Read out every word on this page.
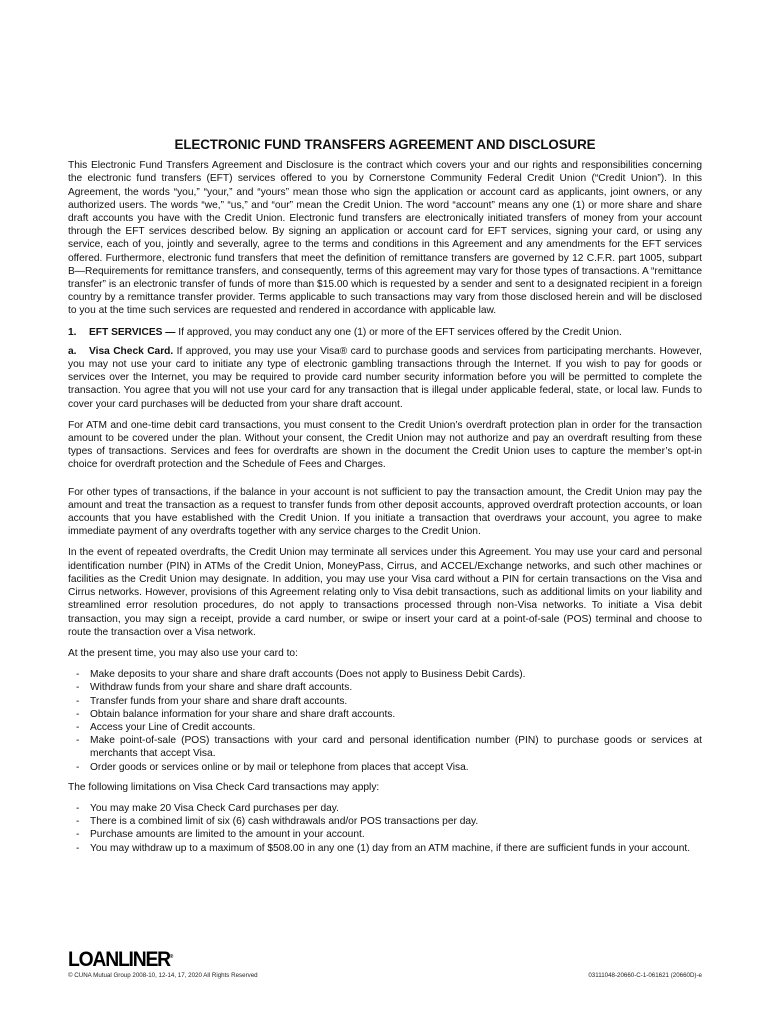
ELECTRONIC FUND TRANSFERS AGREEMENT AND DISCLOSURE

This Electronic Fund Transfers Agreement and Disclosure is the contract which covers your and our rights and responsibilities concerning the electronic fund transfers (EFT) services offered to you by Cornerstone Community Federal Credit Union (“Credit Union”). In this Agreement, the words “you,” “your,” and “yours” mean those who sign the application or account card as applicants, joint owners, or any authorized users. The words “we,” “us,” and “our” mean the Credit Union. The word “account” means any one (1) or more share and share draft accounts you have with the Credit Union. Electronic fund transfers are electronically initiated transfers of money from your account through the EFT services described below. By signing an application or account card for EFT services, signing your card, or using any service, each of you, jointly and severally, agree to the terms and conditions in this Agreement and any amendments for the EFT services offered. Furthermore, electronic fund transfers that meet the definition of remittance transfers are governed by 12 C.F.R. part 1005, subpart B—Requirements for remittance transfers, and consequently, terms of this agreement may vary for those types of transactions. A “remittance transfer” is an electronic transfer of funds of more than $15.00 which is requested by a sender and sent to a designated recipient in a foreign country by a remittance transfer provider. Terms applicable to such transactions may vary from those disclosed herein and will be disclosed to you at the time such services are requested and rendered in accordance with applicable law.

1. EFT SERVICES — If approved, you may conduct any one (1) or more of the EFT services offered by the Credit Union.

a. Visa Check Card. If approved, you may use your Visa® card to purchase goods and services from participating merchants. However, you may not use your card to initiate any type of electronic gambling transactions through the Internet. If you wish to pay for goods or services over the Internet, you may be required to provide card number security information before you will be permitted to complete the transaction. You agree that you will not use your card for any transaction that is illegal under applicable federal, state, or local law. Funds to cover your card purchases will be deducted from your share draft account.

For ATM and one-time debit card transactions, you must consent to the Credit Union’s overdraft protection plan in order for the transaction amount to be covered under the plan. Without your consent, the Credit Union may not authorize and pay an overdraft resulting from these types of transactions. Services and fees for overdrafts are shown in the document the Credit Union uses to capture the member’s opt-in choice for overdraft protection and the Schedule of Fees and Charges.

For other types of transactions, if the balance in your account is not sufficient to pay the transaction amount, the Credit Union may pay the amount and treat the transaction as a request to transfer funds from other deposit accounts, approved overdraft protection accounts, or loan accounts that you have established with the Credit Union. If you initiate a transaction that overdraws your account, you agree to make immediate payment of any overdrafts together with any service charges to the Credit Union.

In the event of repeated overdrafts, the Credit Union may terminate all services under this Agreement. You may use your card and personal identification number (PIN) in ATMs of the Credit Union, MoneyPass, Cirrus, and ACCEL/Exchange networks, and such other machines or facilities as the Credit Union may designate. In addition, you may use your Visa card without a PIN for certain transactions on the Visa and Cirrus networks. However, provisions of this Agreement relating only to Visa debit transactions, such as additional limits on your liability and streamlined error resolution procedures, do not apply to transactions processed through non-Visa networks. To initiate a Visa debit transaction, you may sign a receipt, provide a card number, or swipe or insert your card at a point-of-sale (POS) terminal and choose to route the transaction over a Visa network.

At the present time, you may also use your card to:

- Make deposits to your share and share draft accounts (Does not apply to Business Debit Cards).
- Withdraw funds from your share and share draft accounts.
- Transfer funds from your share and share draft accounts.
- Obtain balance information for your share and share draft accounts.
- Access your Line of Credit accounts.
- Make point-of-sale (POS) transactions with your card and personal identification number (PIN) to purchase goods or services at merchants that accept Visa.
- Order goods or services online or by mail or telephone from places that accept Visa.

The following limitations on Visa Check Card transactions may apply:

- You may make 20 Visa Check Card purchases per day.
- There is a combined limit of six (6) cash withdrawals and/or POS transactions per day.
- Purchase amounts are limited to the amount in your account.
- You may withdraw up to a maximum of $508.00 in any one (1) day from an ATM machine, if there are sufficient funds in your account.
LOANLINER®
© CUNA Mutual Group 2008-10, 12-14, 17, 2020 All Rights Reserved	03111048-20660-C-1-061621 (20660D)-e
